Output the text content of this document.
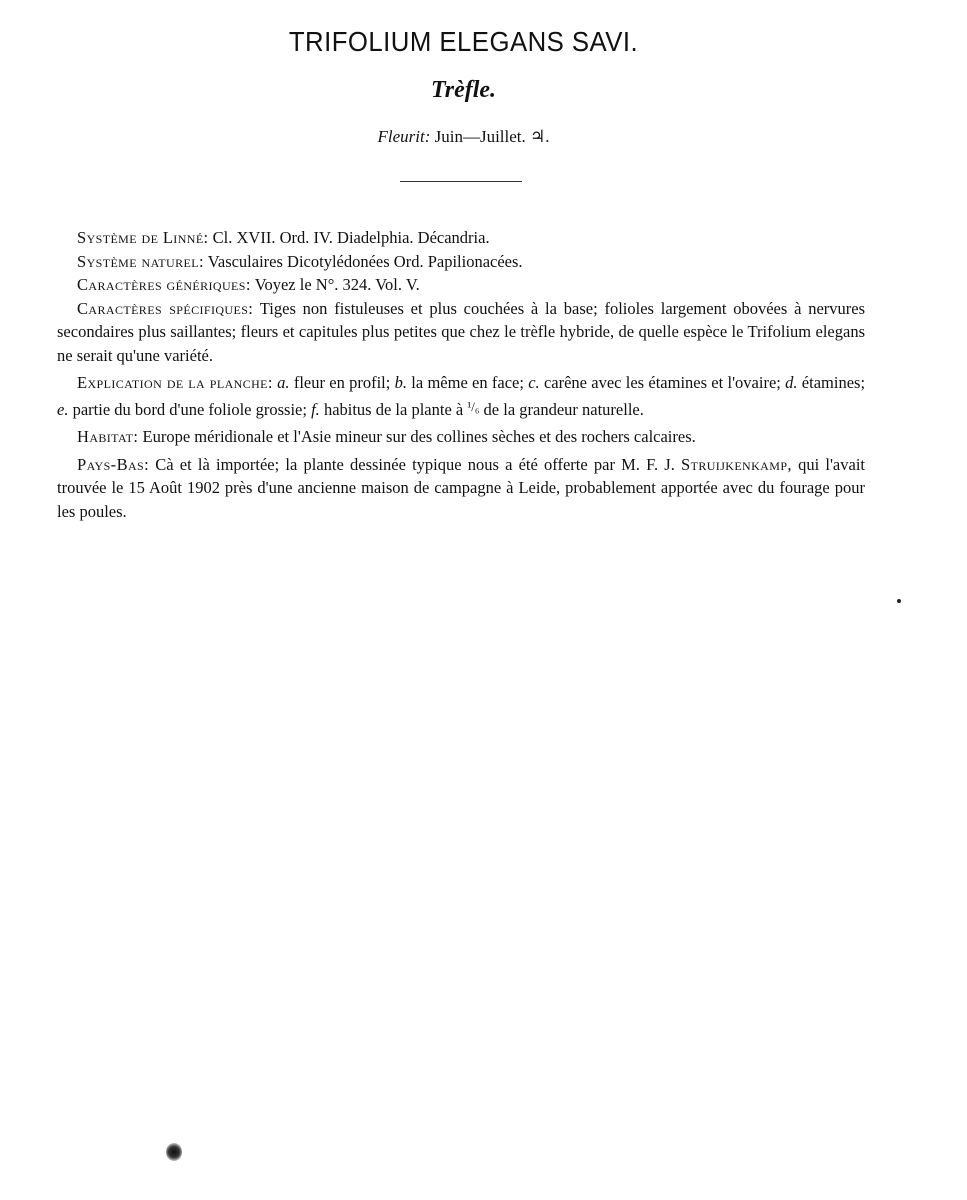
TRIFOLIUM ELEGANS SAVI.
Trèfle.
Fleurit: Juin—Juillet. ♃.

Système de Linné: Cl. XVII. Ord. IV. Diadelphia. Décandria.

Système naturel: Vasculaires Dicotylédonées Ord. Papilionacées.

Caractères génériques: Voyez le N°. 324. Vol. V.

Caractères spécifiques: Tiges non fistuleuses et plus couchées à la base; folioles largement obovées à nervures secondaires plus saillantes; fleurs et capitules plus petites que chez le trèfle hybride, de quelle espèce le Trifolium elegans ne serait qu'une variété.

Explication de la planche: a. fleur en profil; b. la même en face; c. carêne avec les étamines et l'ovaire; d. étamines; e. partie du bord d'une foliole grossie; f. habitus de la plante à $^{^1/_6}$ de la grandeur naturelle.

Habitat: Europe méridionale et l'Asie mineur sur des collines sèches et des rochers calcaires.

Pays-Bas: Cà et là importée; la plante dessinée typique nous a été offerte par M. F. J. Struijkenkamp, qui l'avait trouvée le 15 Août 1902 près d'une ancienne maison de campagne à Leide, probablement apportée avec du fourage pour les poules.
